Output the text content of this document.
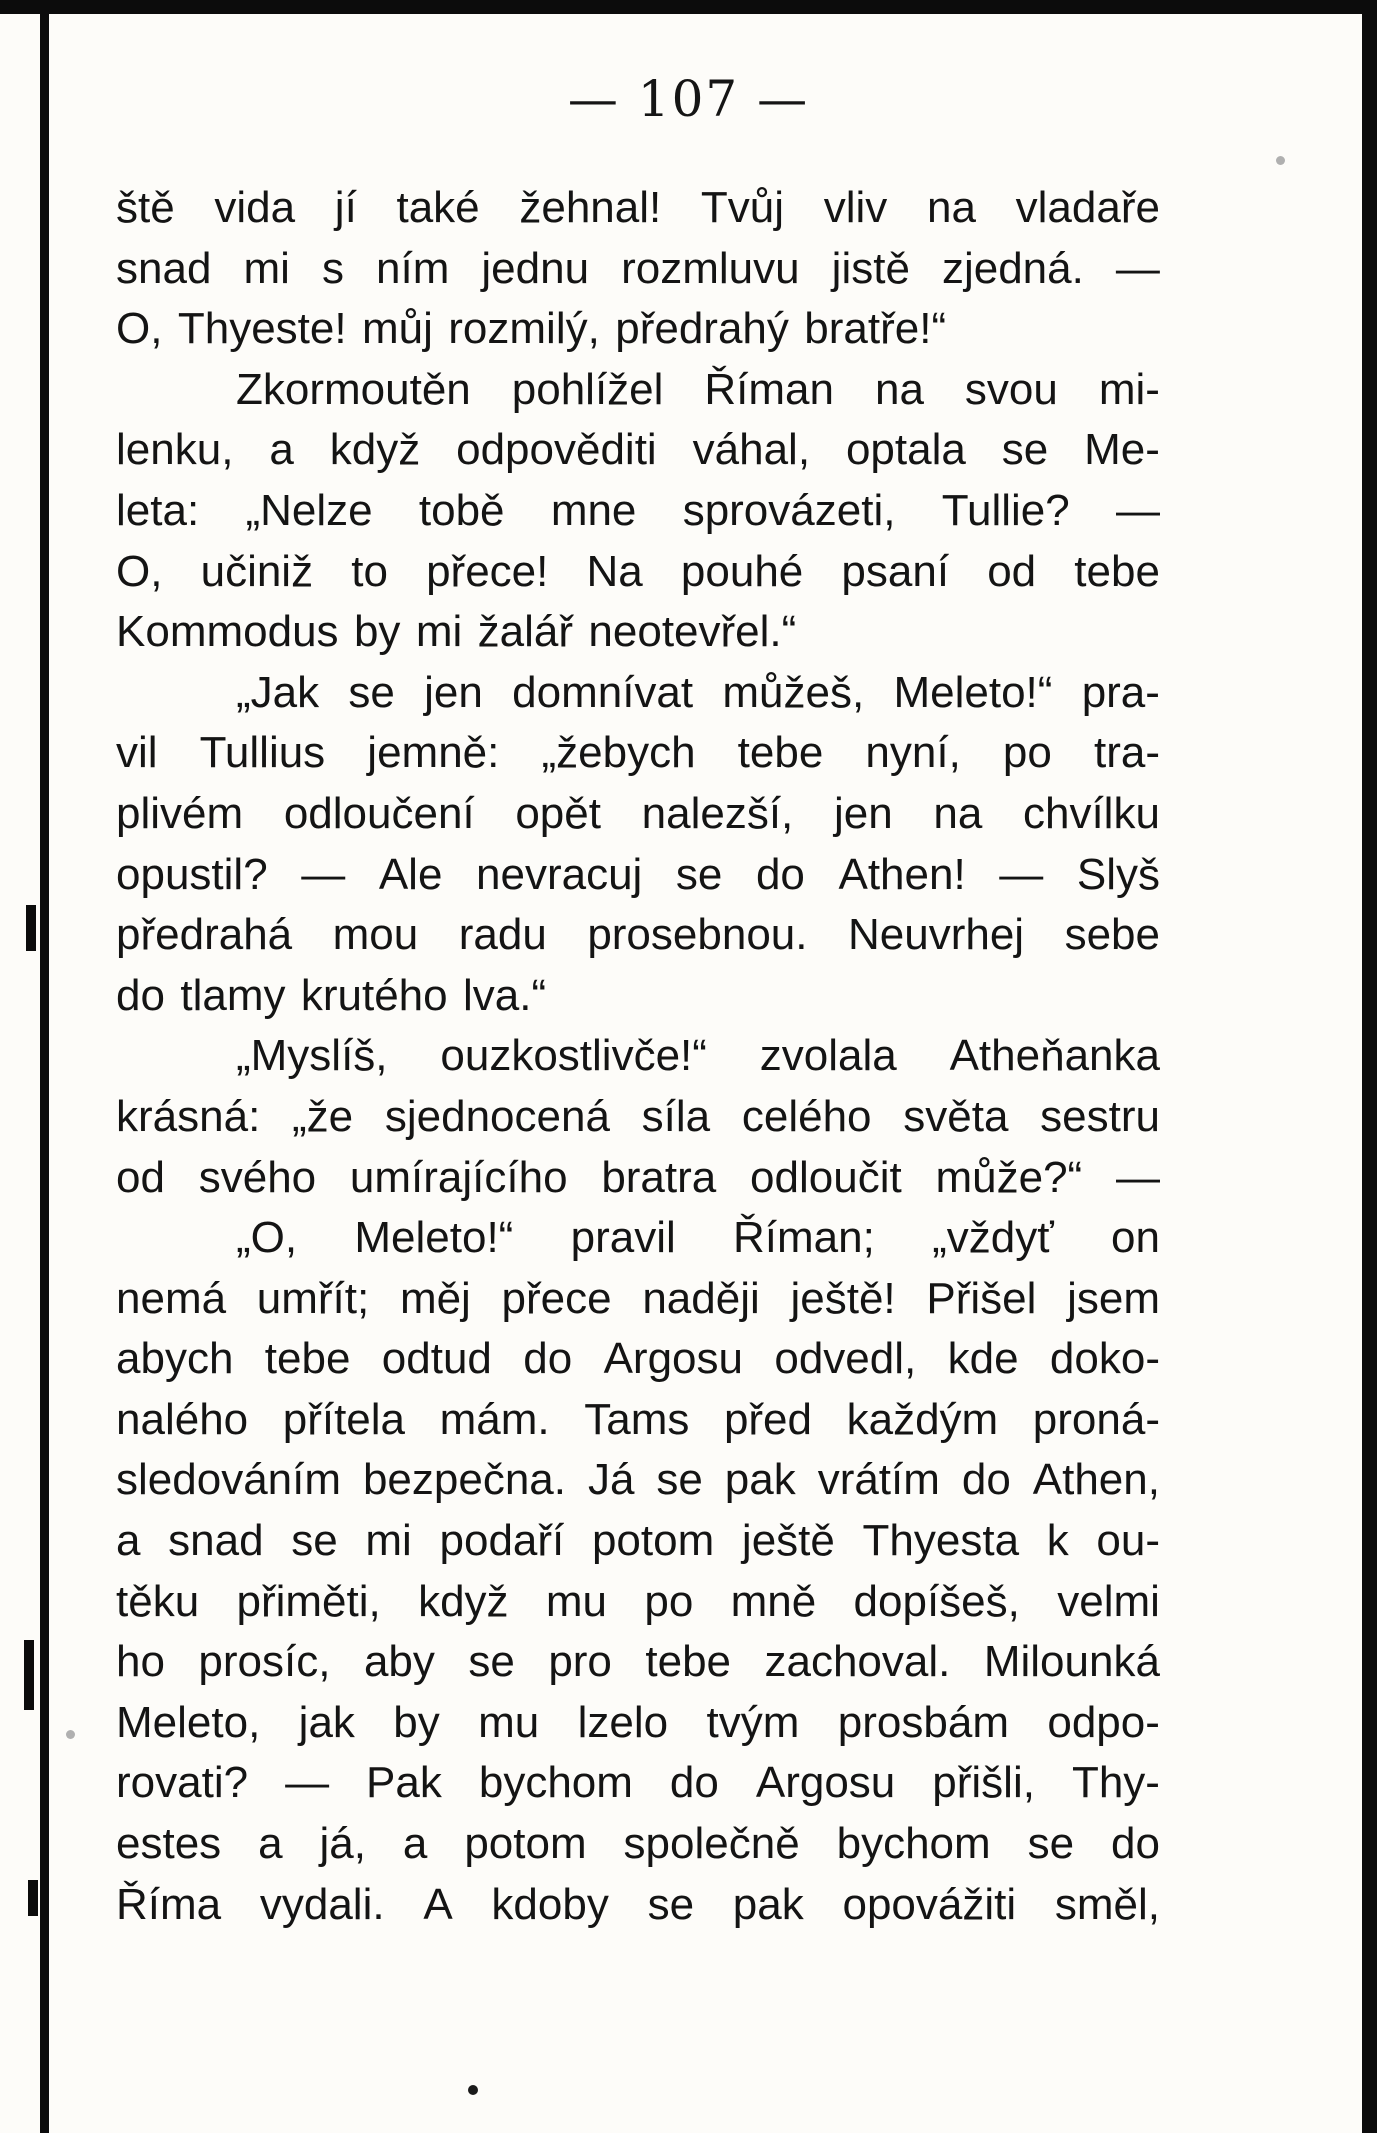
— 107 —
ště vida jí také žehnal! Tvůj vliv na vladaře
snad mi s ním jednu rozmluvu jistě zjedná. —
O, Thyeste! můj rozmilý, předrahý bratře!“
Zkormoutěn pohlížel Říman na svou mi-
lenku, a když odpověditi váhal, optala se Me-
leta: „Nelze tobě mne sprovázeti, Tullie? —
O, učiniž to přece! Na pouhé psaní od tebe
Kommodus by mi žalář neotevřel.“
„Jak se jen domnívat můžeš, Meleto!“ pra-
vil Tullius jemně: „žebych tebe nyní, po tra-
plivém odloučení opět nalezší, jen na chvílku
opustil? — Ale nevracuj se do Athen! — Slyš
předrahá mou radu prosebnou. Neuvrhej sebe
do tlamy krutého lva.“
„Myslíš, ouzkostlivče!“ zvolala Atheňanka
krásná: „že sjednocená síla celého světa sestru
od svého umírajícího bratra odloučit může?“ —
„O, Meleto!“ pravil Říman; „vždyť on
nemá umřít; měj přece naději ještě! Přišel jsem
abych tebe odtud do Argosu odvedl, kde doko-
nalého přítela mám. Tams před každým proná-
sledováním bezpečna. Já se pak vrátím do Athen,
a snad se mi podaří potom ještě Thyesta k ou-
těku přiměti, když mu po mně dopíšeš, velmi
ho prosíc, aby se pro tebe zachoval. Milounká
Meleto, jak by mu lzelo tvým prosbám odpo-
rovati? — Pak bychom do Argosu přišli, Thy-
estes a já, a potom společně bychom se do
Říma vydali. A kdoby se pak opovážiti směl,
